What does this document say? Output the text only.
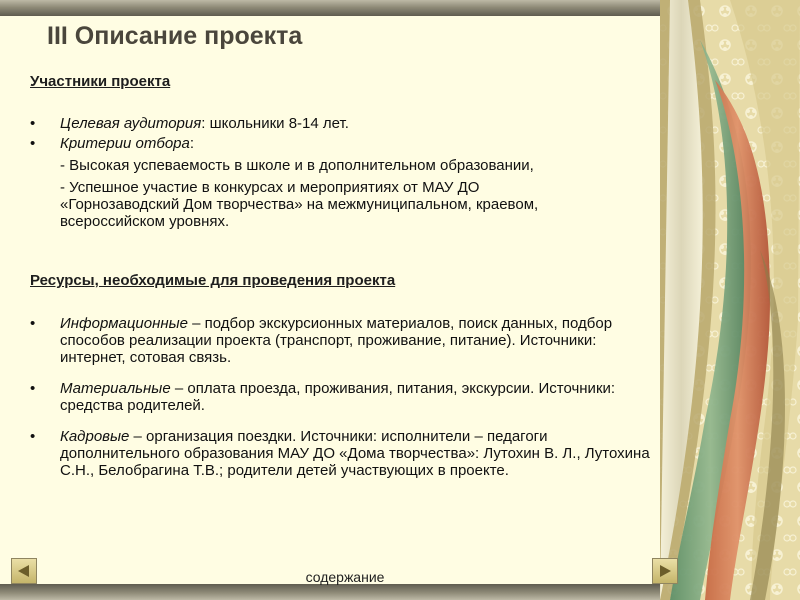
III Описание проекта
Участники проекта
• Целевая аудитория: школьники 8-14 лет.
• Критерии отбора:
- Высокая успеваемость в школе и в дополнительном образовании,
- Успешное участие в конкурсах и мероприятиях от МАУ ДО
«Горнозаводский Дом творчества» на межмуниципальном, краевом,
всероссийском уровнях.
Ресурсы, необходимые для проведения проекта
• Информационные – подбор экскурсионных материалов, поиск данных, подбор способов реализации проекта (транспорт, проживание, питание). Источники: интернет, сотовая связь.
• Материальные – оплата проезда, проживания, питания, экскурсии. Источники: средства родителей.
• Кадровые – организация поездки. Источники: исполнители – педагоги дополнительного образования МАУ ДО «Дома творчества»: Лутохин В. Л., Лутохина С.Н., Белобрагина Т.В.; родители детей участвующих в проекте.
содержание
